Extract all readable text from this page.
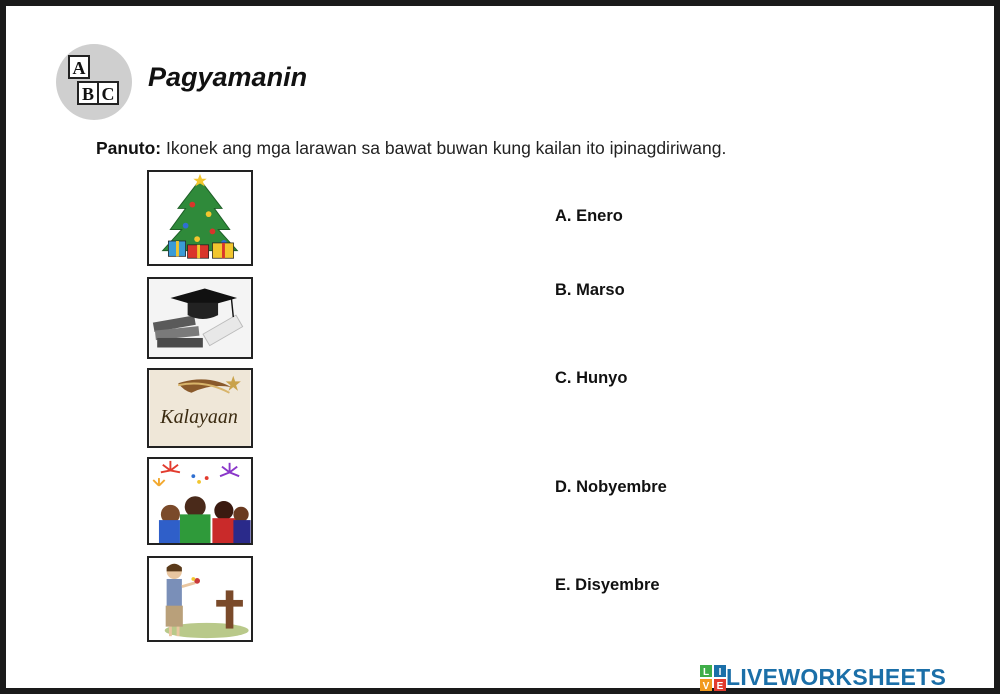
A
B C
Pagyamanin
Panuto: Ikonek ang mga larawan sa bawat buwan kung kailan ito ipinagdiriwang.
Kalayaan
A. Enero
B. Marso
C. Hunyo
D. Nobyembre
E. Disyembre
L I
V E LIVEWORKSHEETS
